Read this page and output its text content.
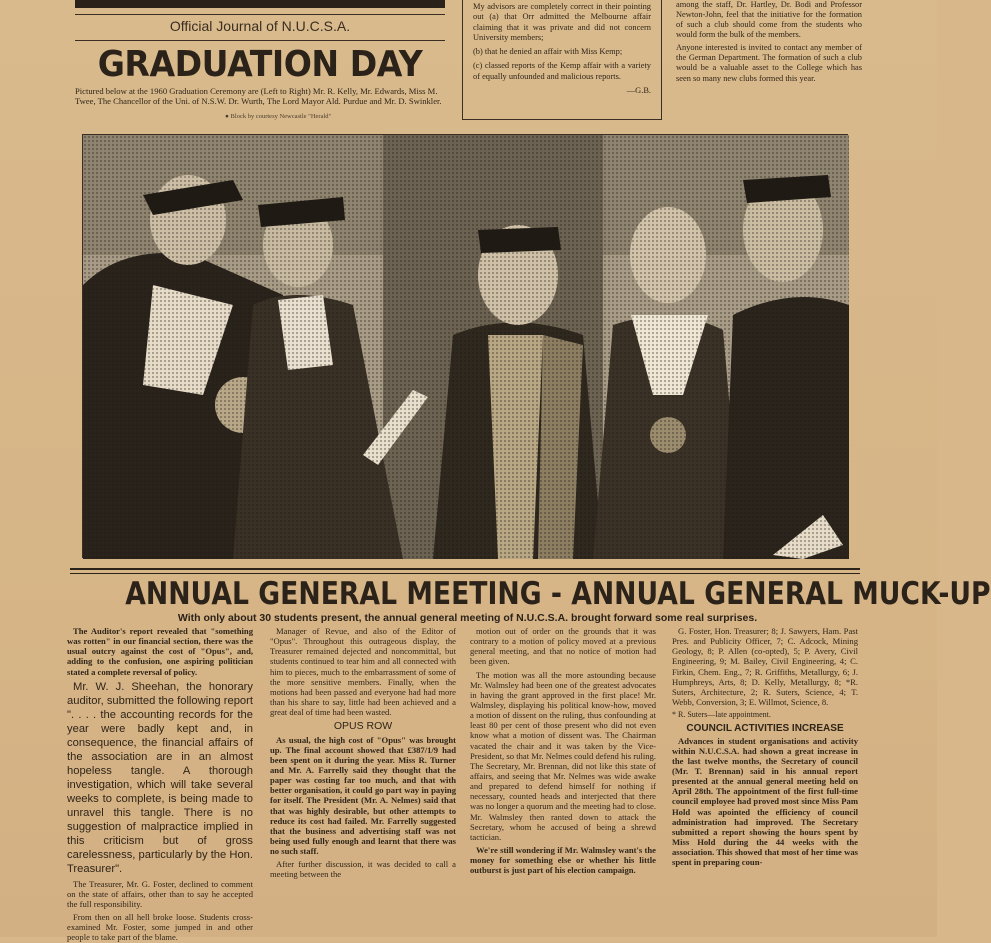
Official Journal of N.U.C.S.A.
GRADUATION DAY
Pictured below at the 1960 Graduation Ceremony are (Left to Right) Mr. R. Kelly, Mr. Edwards, Miss M. Twee, The Chancellor of the Uni. of N.S.W. Dr. Wurth, The Lord Mayor Ald. Purdue and Mr. D. Swinkler.
● Block by courtesy Newcastle "Herald"

My advisors are completely correct in their pointing out (a) that Orr admitted the Melbourne affair claiming that it was private and did not concern University members;

(b) that he denied an affair with Miss Kemp;

(c) classed reports of the Kemp affair with a variety of equally unfounded and malicious reports.

—G.B.

among the staff, Dr. Hartley, Dr. Bodi and Professor Newton-John, feel that the initiative for the formation of such a club should come from the students who would form the bulk of the members.

Anyone interested is invited to contact any member of the German Department. The formation of such a club would be a valuable asset to the College which has seen so many new clubs formed this year.

ANNUAL GENERAL MEETING - ANNUAL GENERAL MUCK-UP
With only about 30 students present, the annual general meeting of N.U.C.S.A. brought forward some real surprises.

The Auditor's report revealed that "something was rotten" in our financial section, there was the usual outcry against the cost of "Opus", and, adding to the confusion, one aspiring politician stated a complete reversal of policy.

Mr. W. J. Sheehan, the honorary auditor, submitted the following report ". . . . the accounting records for the year were badly kept and, in consequence, the financial affairs of the association are in an almost hopeless tangle. A thorough investigation, which will take several weeks to complete, is being made to unravel this tangle. There is no suggestion of malpractice implied in this criticism but of gross carelessness, particularly by the Hon. Treasurer".

The Treasurer, Mr. G. Foster, declined to comment on the state of affairs, other than to say he accepted the full responsibility.

From then on all hell broke loose. Students cross-examined Mr. Foster, some jumped in and other people to take part of the blame.

Manager of Revue, and also of the Editor of "Opus". Throughout this outrageous display, the Treasurer remained dejected and noncommittal, but students continued to tear him and all connected with him to pieces, much to the embarrassment of some of the more sensitive members. Finally, when the motions had been passed and everyone had had more than his share to say, little had been achieved and a great deal of time had been wasted.

OPUS ROW

As usual, the high cost of "Opus" was brought up. The final account showed that £387/1/9 had been spent on it during the year. Miss R. Turner and Mr. A. Farrelly said they thought that the paper was costing far too much, and that with better organisation, it could go part way in paying for itself. The President (Mr. A. Nelmes) said that that was highly desirable, but other attempts to reduce its cost had failed. Mr. Farrelly suggested that the business and advertising staff was not being used fully enough and learnt that there was no such staff.

After further discussion, it was decided to call a meeting between the

motion out of order on the grounds that it was contrary to a motion of policy moved at a previous general meeting, and that no notice of motion had been given.

The motion was all the more astounding because Mr. Walmsley had been one of the greatest advocates in having the grant approved in the first place! Mr. Walmsley, displaying his political know-how, moved a motion of dissent on the ruling, thus confounding at least 80 per cent of those present who did not even know what a motion of dissent was. The Chairman vacated the chair and it was taken by the Vice-President, so that Mr. Nelmes could defend his ruling. The Secretary, Mr. Brennan, did not like this state of affairs, and seeing that Mr. Nelmes was wide awake and prepared to defend himself for nothing if necessary, counted heads and interjected that there was no longer a quorum and the meeting had to close. Mr. Walmsley then ranted down to attack the Secretary, whom he accused of being a shrewd tactician.

We're still wondering if Mr. Walmsley want's the money for something else or whether his little outburst is just part of his election campaign.

G. Foster, Hon. Treasurer; 8; J. Sawyers, Ham. Past Pres. and Publicity Officer, 7; C. Adcock, Mining Geology, 8; P. Allen (co-opted), 5; P. Avery, Civil Engineering, 9; M. Bailey, Civil Engineering, 4; C. Firkin, Chem. Eng., 7; R. Griffiths, Metallurgy, 6; J. Humphreys, Arts, 8; D. Kelly, Metallurgy, 8; *R. Suters, Architecture, 2; R. Suters, Science, 4; T. Webb, Conversion, 3; E. Willmot, Science, 8.

* R. Suters—late appointment.

COUNCIL ACTIVITIES INCREASE

Advances in student organisations and activity within N.U.C.S.A. had shown a great increase in the last twelve months, the Secretary of council (Mr. T. Brennan) said in his annual report presented at the annual general meeting held on April 28th. The appointment of the first full-time council employee had proved most since Miss Pam Hold was apointed the efficiency of council administration had improved. The Secretary submitted a report showing the hours spent by Miss Hold during the 44 weeks with the association. This showed that most of her time was spent in preparing coun-
